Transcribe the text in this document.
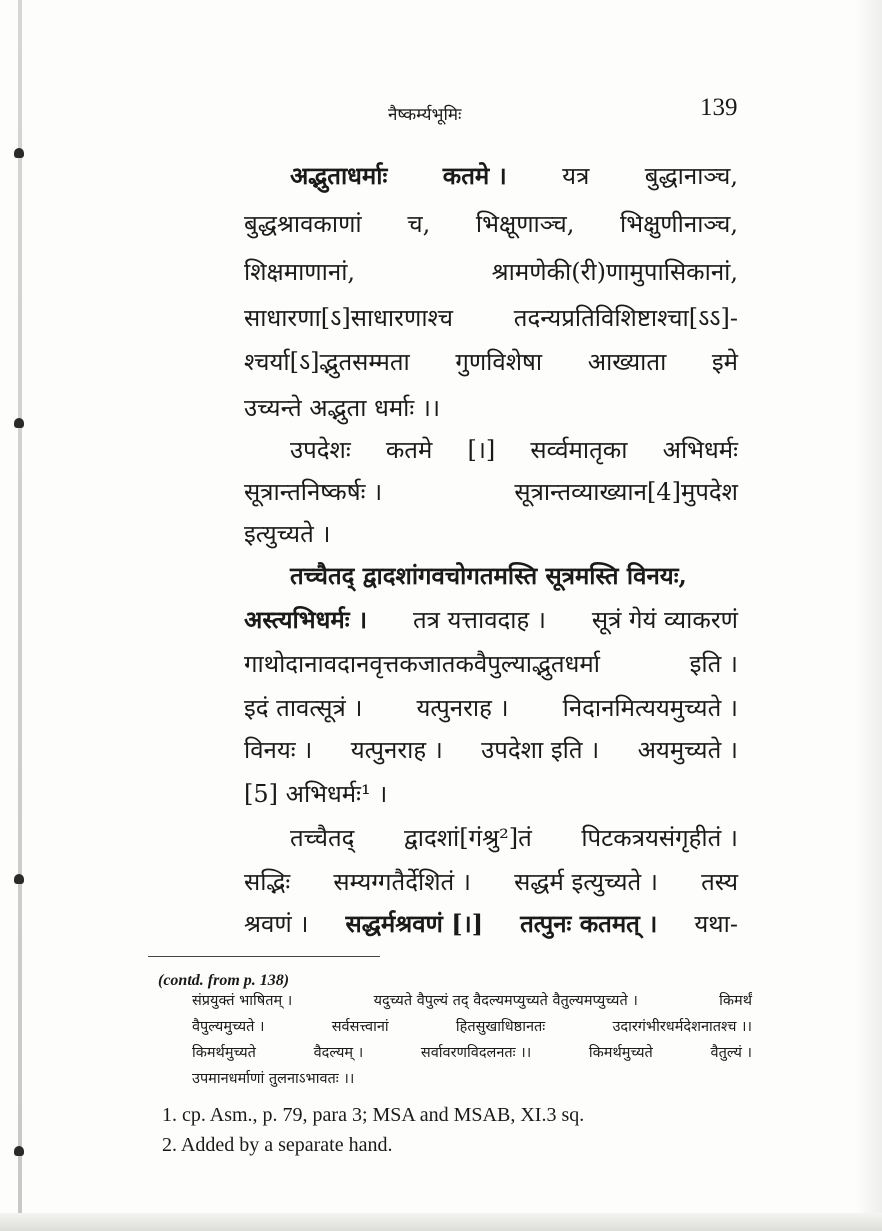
नैष्कर्म्यभूमिः	139
अद्भुताधर्माः कतमे । यत्र बुद्धानाञ्च,
बुद्धश्रावकाणां च, भिक्षूणाञ्च, भिक्षुणीनाञ्च,
शिक्षमाणानां,	श्रामणेकी(री)णामुपासिकानां,
साधारणा[ऽ]साधारणाश्च	तदन्यप्रतिविशिष्टाश्चा[ऽऽ]-
श्चर्या[ऽ]द्भुतसम्मता गुणविशेषा आख्याता इमे
उच्यन्ते अद्भुता धर्माः ।।
उपदेशः कतमे [।] सर्व्वमातृका अभिधर्मः
सूत्रान्तनिष्कर्षः ।	सूत्रान्तव्याख्यान[4]मुपदेश
इत्युच्यते ।
तच्चैतद् द्वादशांगवचोगतमस्ति सूत्रमस्ति विनयः,
अस्त्यभिधर्मः । तत्र यत्तावदाह । सूत्रं गेयं व्याकरणं
गाथोदानावदानवृत्तकजातकवैपुल्याद्भुतधर्मा	इति ।
इदं तावत्सूत्रं । यत्पुनराह । निदानमित्ययमुच्यते ।
विनयः । यत्पुनराह । उपदेशा इति । अयमुच्यते ।
[5] अभिधर्मः¹ ।
तच्चैतद् द्वादशां[गंश्रु²]तं पिटकत्रयसंगृहीतं ।
सद्भिः सम्यग्गतैर्देशितं । सद्धर्म इत्युच्यते । तस्य
श्रवणं । सद्धर्मश्रवणं [।] तत्पुनः कतमत् । यथा-
(contd. from p. 138)
संप्रयुक्तं भाषितम् ।	यदुच्यते वैपुल्यं तद् वैदल्यमप्युच्यते वैतुल्यमप्युच्यते ।	किमर्थं
वैपुल्यमुच्यते ।	सर्वसत्त्वानां	हितसुखाधिष्ठानतः	उदारगंभीरधर्मदेशनातश्च ।।
किमर्थमुच्यते	वैदल्यम् ।	सर्वावरणविदलनतः ।।	किमर्थमुच्यते	वैतुल्यं ।
उपमानधर्माणां तुलनाऽभावतः ।।
1. cp. Asm., p. 79, para 3; MSA and MSAB, XI.3 sq.
2. Added by a separate hand.
